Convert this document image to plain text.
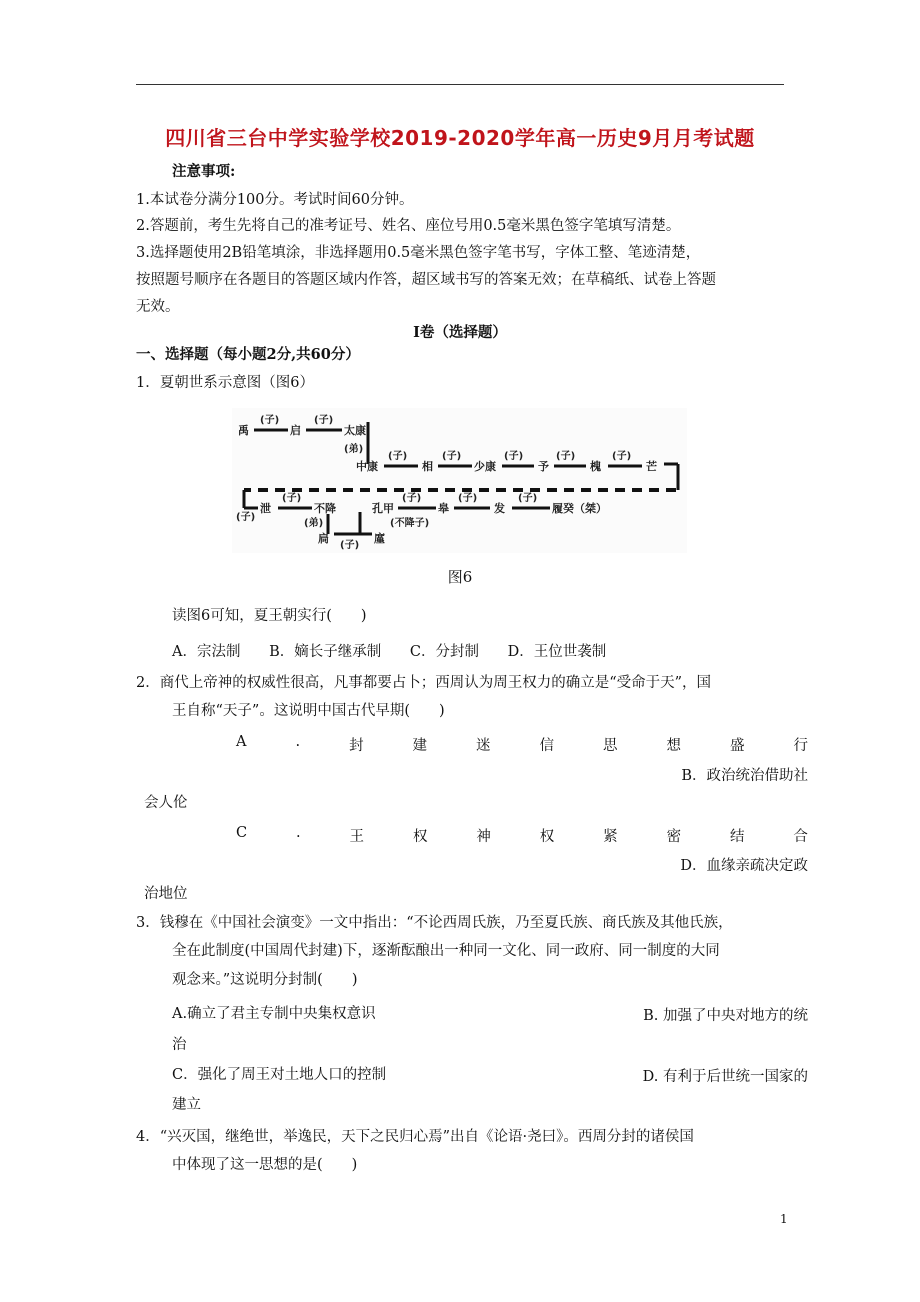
四川省三台中学实验学校2019-2020学年高一历史9月月考试题
注意事项:
1.本试卷分满分100分。考试时间60分钟。
2.答题前，考生先将自己的准考证号、姓名、座位号用0.5毫米黑色签字笔填写清楚。
3.选择题使用2B铅笔填涂，非选择题用0.5毫米黑色签字笔书写，字体工整、笔迹清楚，
按照题号顺序在各题目的答题区域内作答，超区域书写的答案无效；在草稿纸、试卷上答题
无效。
Ⅰ卷（选择题）
一、选择题（每小题2分,共60分）
1．夏朝世系示意图（图6）
禹
(子)
启
(子)
太康
(弟)
中康
(子)
相
(子)
少康
(子)
予
(子)
槐
(子)
芒
(子)
泄
(子)
不降
(弟)
扃
(子)
廑
孔甲
(子)
(不降子)
皋
(子)
发
(子)
履癸（桀）
图6
读图6可知，夏王朝实行(　　)
A．宗法制 B．嫡长子继承制 C．分封制 D．王位世袭制
2．商代上帝神的权威性很高，凡事都要占卜；西周认为周王权力的确立是“受命于天”，国
王自称“天子”。这说明中国古代早期(　　)
A	.	封	建	迷	信	思	想	盛	行
B．政治统治借助社
会人伦
C	.	王	权	神	权	紧	密	结	合
D．血缘亲疏决定政
治地位
3．钱穆在《中国社会演变》一文中指出：“不论西周氏族，乃至夏氏族、商氏族及其他氏族，
全在此制度(中国周代封建)下，逐渐酝酿出一种同一文化、同一政府、同一制度的大同
观念来。”这说明分封制(　　)
A.确立了君主专制中央集权意识	B. 加强了中央对地方的统
治
C．强化了周王对土地人口的控制	D. 有利于后世统一国家的
建立
4．“兴灭国，继绝世，举逸民，天下之民归心焉”出自《论语·尧曰》。西周分封的诸侯国
中体现了这一思想的是(　　)
1
